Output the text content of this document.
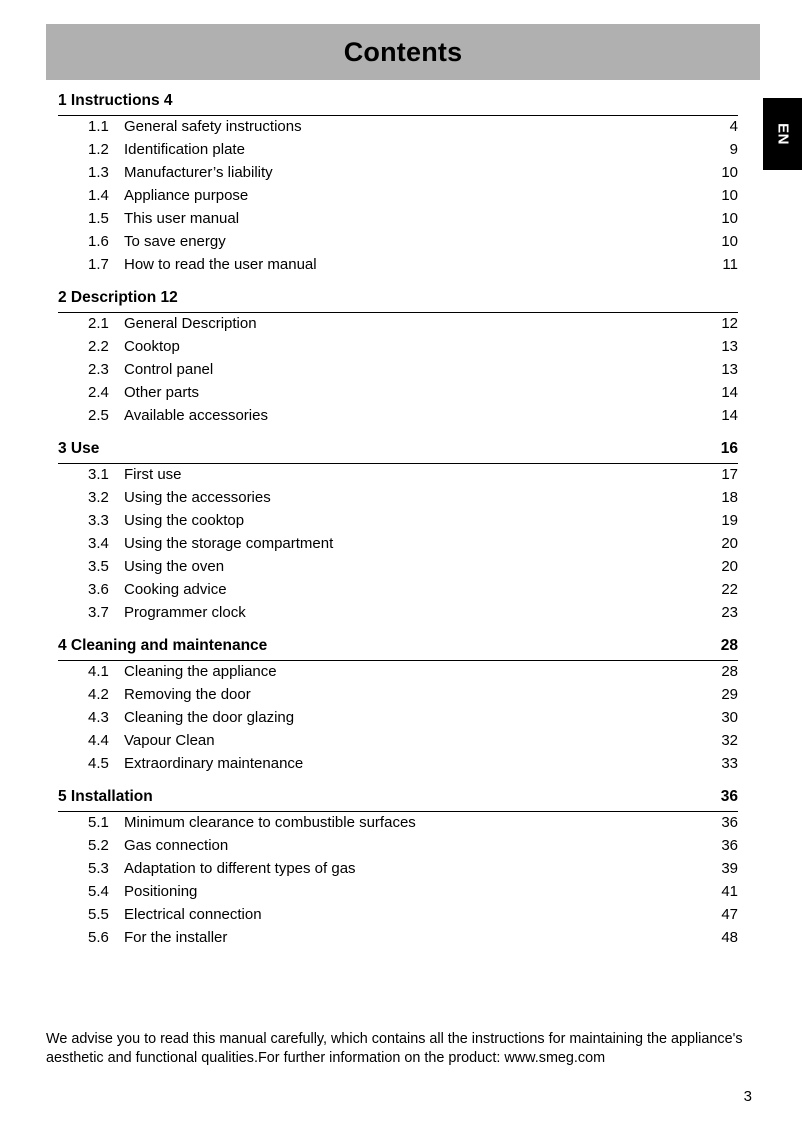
Contents
EN
1 Instructions 4
1.1	General safety instructions	4
1.2	Identification plate	9
1.3	Manufacturer’s liability	10
1.4	Appliance purpose	10
1.5	This user manual	10
1.6	To save energy	10
1.7	How to read the user manual	11
2 Description 12
2.1	General Description	12
2.2	Cooktop	13
2.3	Control panel	13
2.4	Other parts	14
2.5	Available accessories	14
3 Use	16
3.1	First use	17
3.2	Using the accessories	18
3.3	Using the cooktop	19
3.4	Using the storage compartment	20
3.5	Using the oven	20
3.6	Cooking advice	22
3.7	Programmer clock	23
4 Cleaning and maintenance	28
4.1	Cleaning the appliance	28
4.2	Removing the door	29
4.3	Cleaning the door glazing	30
4.4	Vapour Clean	32
4.5	Extraordinary maintenance	33
5 Installation	36
5.1	Minimum clearance to combustible surfaces	36
5.2	Gas connection	36
5.3	Adaptation to different types of gas	39
5.4	Positioning	41
5.5	Electrical connection	47
5.6	For the installer	48
We advise you to read this manual carefully, which contains all the instructions for maintaining the appliance's aesthetic and functional qualities.For further information on the product: www.smeg.com
3
